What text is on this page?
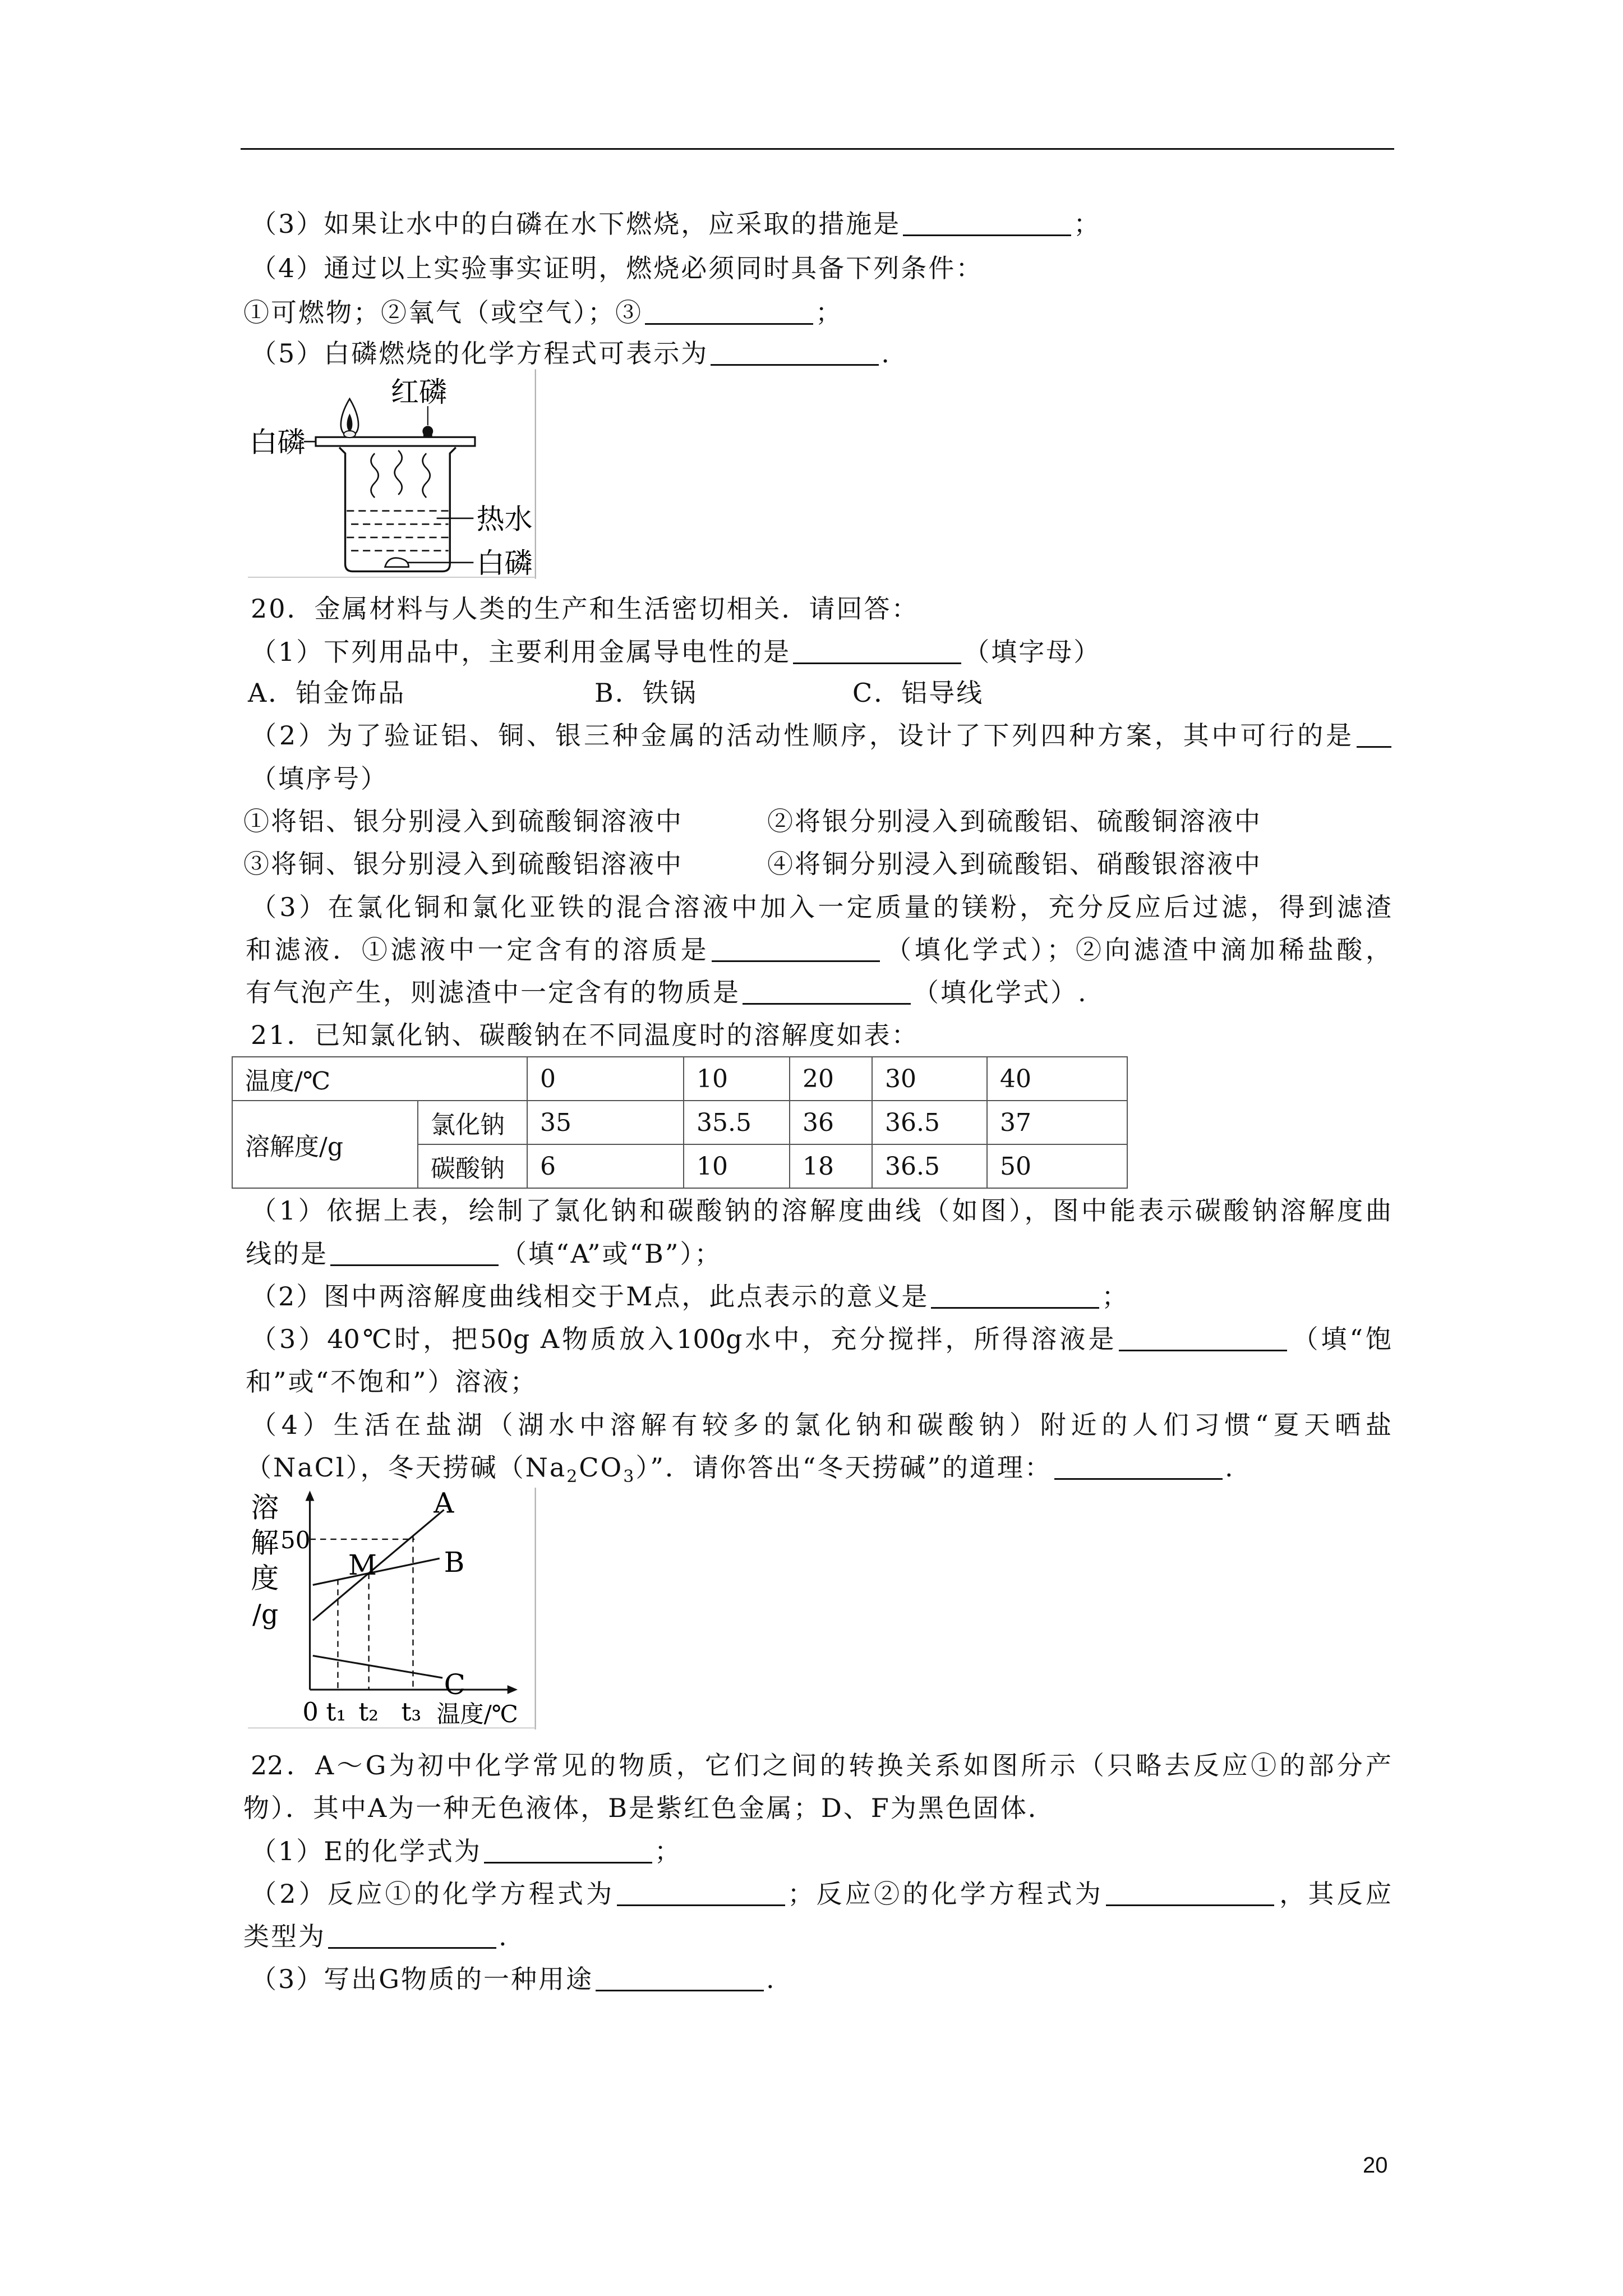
（3）如果让水中的白磷在水下燃烧，应采取的措施是	；
（4）通过以上实验事实证明，燃烧必须同时具备下列条件：
①可燃物；②氧气（或空气）；③	；
（5）白磷燃烧的化学方程式可表示为	.
红磷
白磷
热水
白磷
20．金属材料与人类的生产和生活密切相关．请回答：
（1）下列用品中，主要利用金属导电性的是	（填字母）
A．铂金饰品	B．铁锅	C．铝导线
（2）为了验证铝、铜、银三种金属的活动性顺序，设计了下列四种方案，其中可行的是
（填序号）
①将铝、银分别浸入到硫酸铜溶液中	②将银分别浸入到硫酸铝、硫酸铜溶液中
③将铜、银分别浸入到硫酸铝溶液中	④将铜分别浸入到硫酸铝、硝酸银溶液中
（3）在氯化铜和氯化亚铁的混合溶液中加入一定质量的镁粉，充分反应后过滤，得到滤渣
和滤液．①滤液中一定含有的溶质是	（填化学式）；②向滤渣中滴加稀盐酸，
有气泡产生，则滤渣中一定含有的物质是	（填化学式）.
21．已知氯化钠、碳酸钠在不同温度时的溶解度如表：
温度/℃		0	10	20	30	40
溶解度/g	氯化钠	35	35.5	36	36.5	37
	碳酸钠	6	10	18	36.5	50
（1）依据上表，绘制了氯化钠和碳酸钠的溶解度曲线（如图），图中能表示碳酸钠溶解度曲
线的是	（填“A”或“B”）；
（2）图中两溶解度曲线相交于M点，此点表示的意义是	；
（3）40℃时，把50g A物质放入100g水中，充分搅拌，所得溶液是	（填“饱
和”或“不饱和”）溶液；
（4）生活在盐湖（湖水中溶解有较多的氯化钠和碳酸钠）附近的人们习惯“夏天晒盐
（NaCl），冬天捞碱$(Na_2CO_3)$”．请你答出“冬天捞碱”的道理：	.
溶
解
度
/g
50
A
B
C
M
0 t₁ t₂ t₃ 温度/℃
22．A～G为初中化学常见的物质，它们之间的转换关系如图所示（只略去反应①的部分产
物）．其中A为一种无色液体，B是紫红色金属；D、F为黑色固体．
（1）E的化学式为	；
（2）反应①的化学方程式为	；反应②的化学方程式为	，其反应
类型为	.
（3）写出G物质的一种用途	.
20
